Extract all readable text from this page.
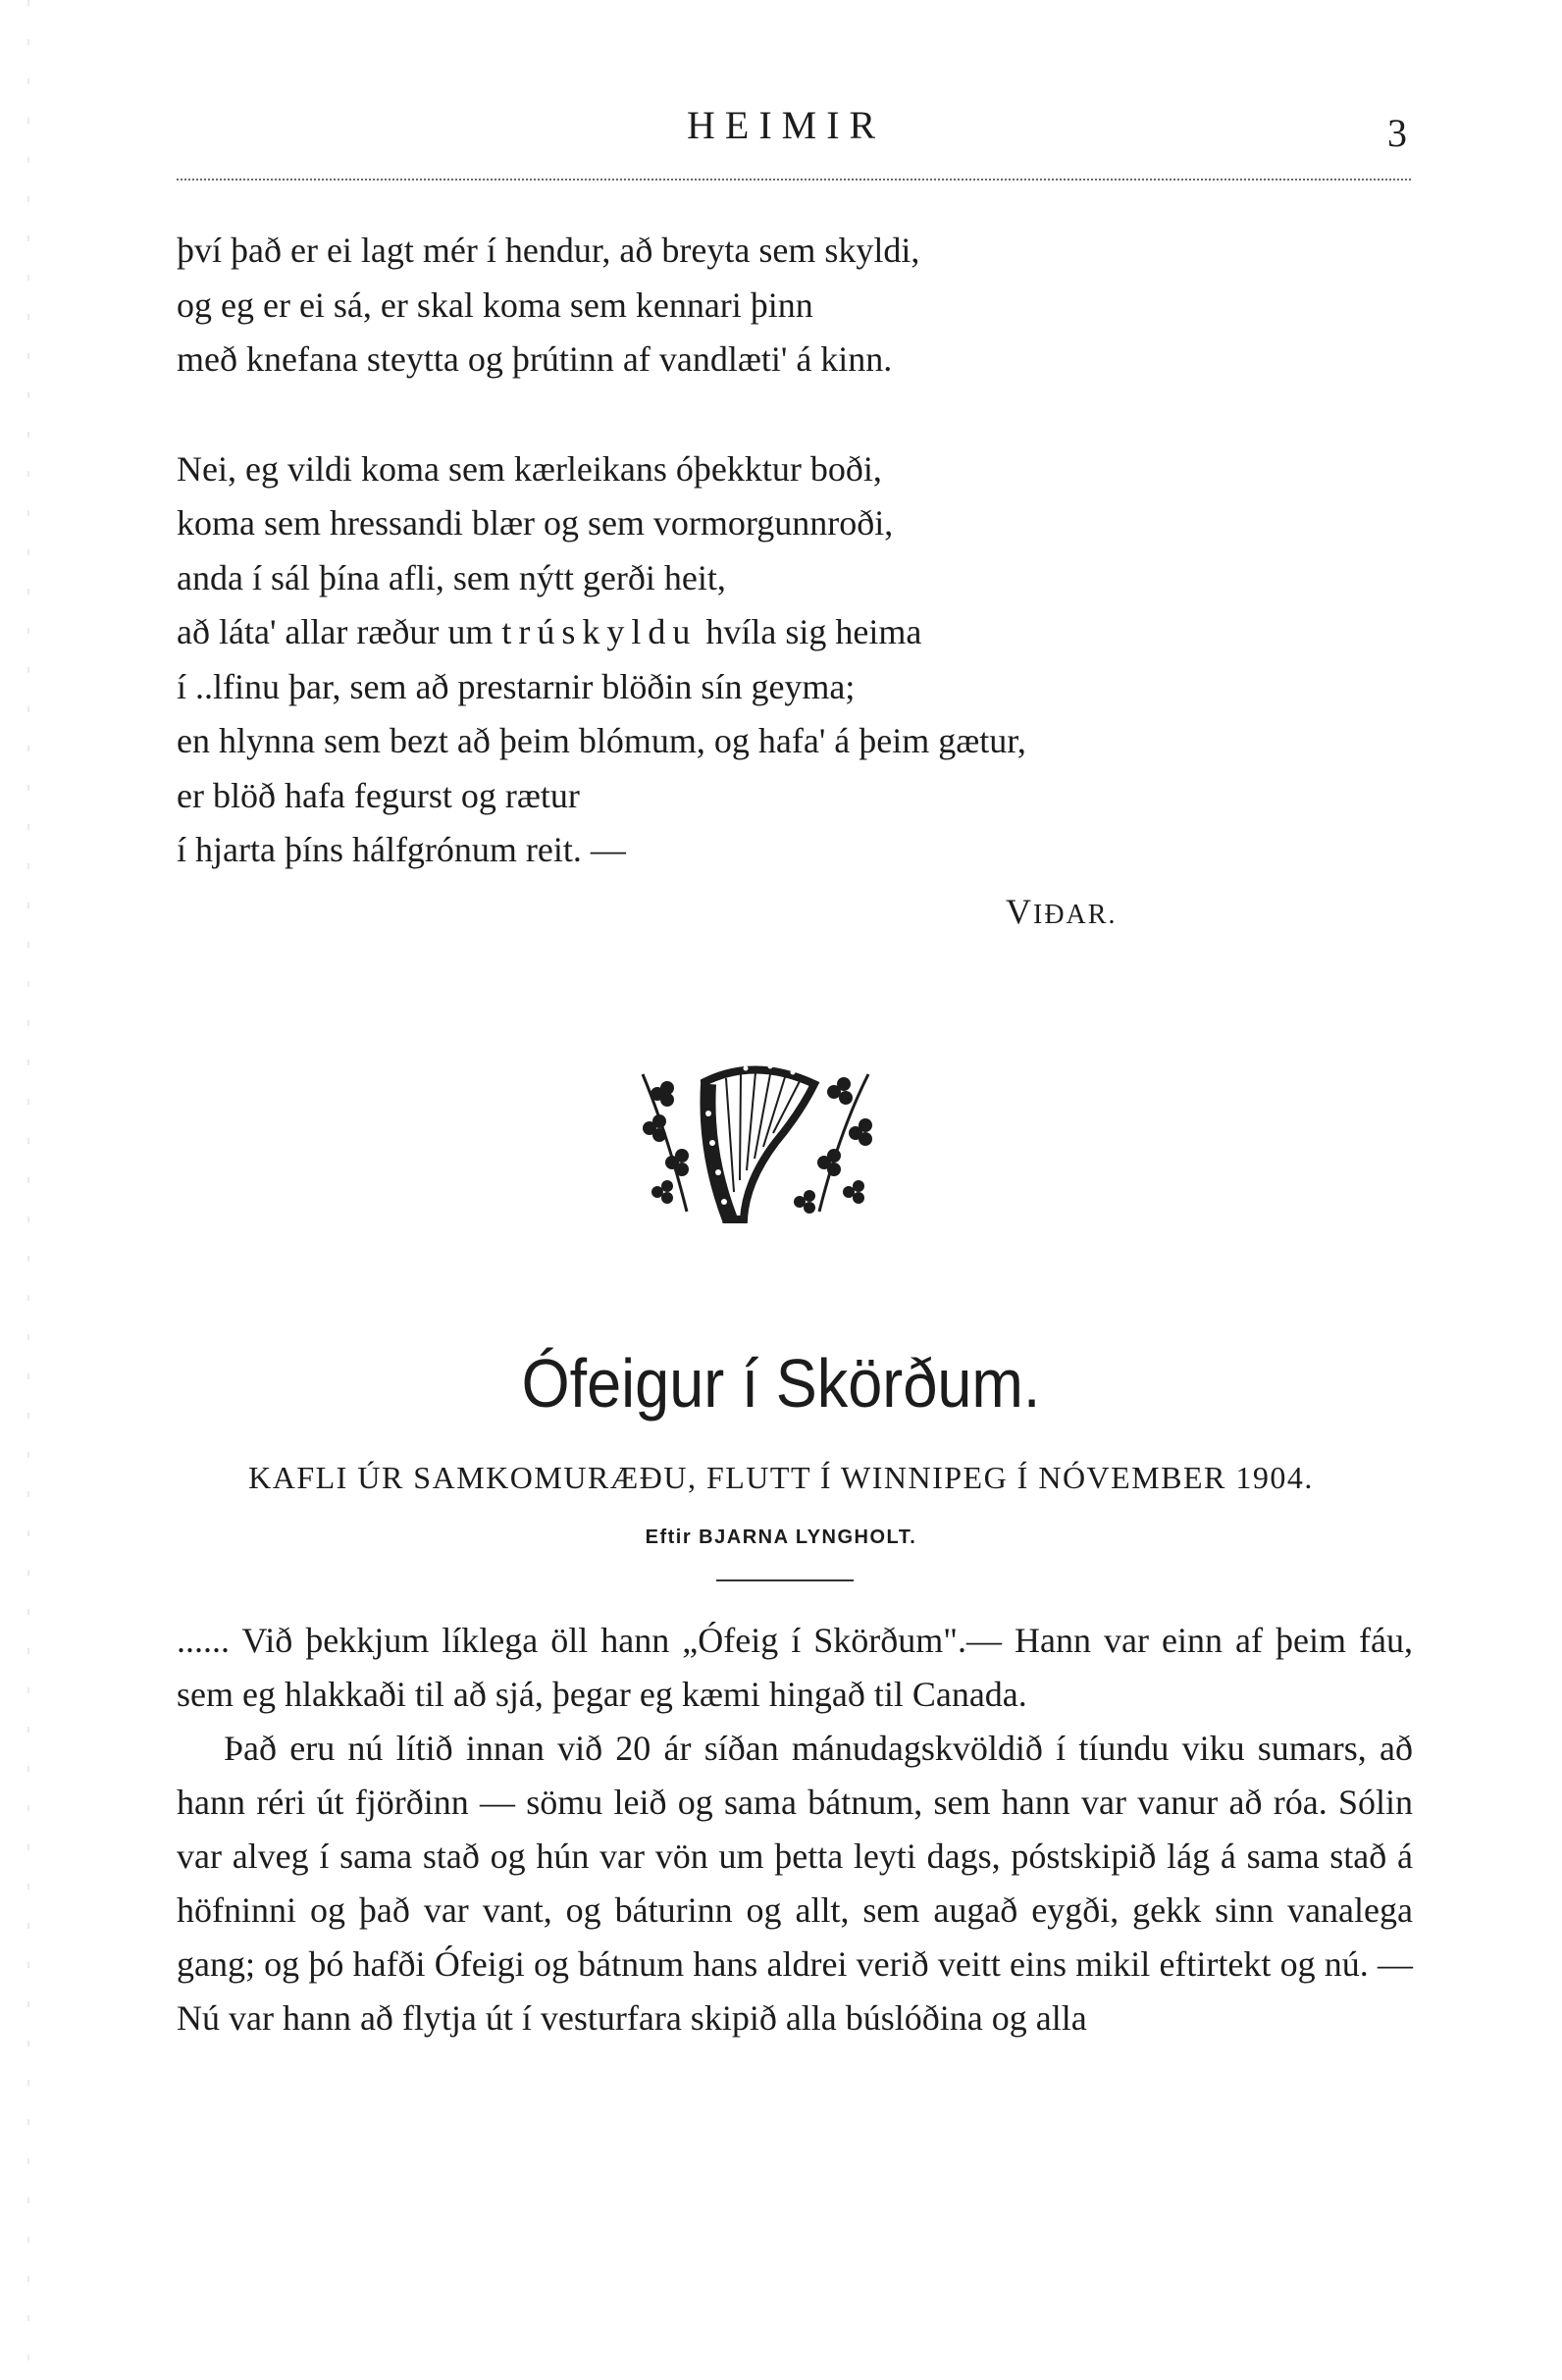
HEIMIR	3
því það er ei lagt mér í hendur, að breyta sem skyldi,
og eg er ei sá, er skal koma sem kennari þinn
með knefana steytta og þrútinn af vandlæti' á kinn.
Nei, eg vildi koma sem kærleikans óþekktur boði,
koma sem hressandi blær og sem vormorgunnroði,
anda í sál þína afli, sem nýtt gerði heit,
að láta' allar ræður um trúskyldu hvíla sig heima
í ..lfinu þar, sem að prestarnir blöðin sín geyma;
en hlynna sem bezt að þeim blómum, og hafa' á þeim gætur,
er blöð hafa fegurst og rætur
í hjarta þíns hálfgrónum reit. —
VIÐAR.
Ófeigur í Skörðum.
KAFLI ÚR SAMKOMURÆÐU, FLUTT Í WINNIPEG Í NÓVEMBER 1904.
Eftir BJARNA LYNGHOLT.

...... Við þekkjum líklega öll hann „Ófeig í Skörðum".— Hann var einn af þeim fáu, sem eg hlakkaði til að sjá, þegar eg kæmi hingað til Canada.

Það eru nú lítið innan við 20 ár síðan mánudagskvöldið í tíundu viku sumars, að hann réri út fjörðinn — sömu leið og sama bátnum, sem hann var vanur að róa. Sólin var alveg í sama stað og hún var vön um þetta leyti dags, póstskipið lág á sama stað á höfninni og það var vant, og báturinn og allt, sem augað eygði, gekk sinn vanalega gang; og þó hafði Ófeigi og bátnum hans aldrei verið veitt eins mikil eftirtekt og nú. — Nú var hann að flytja út í vesturfara skipið alla búslóðina og alla
